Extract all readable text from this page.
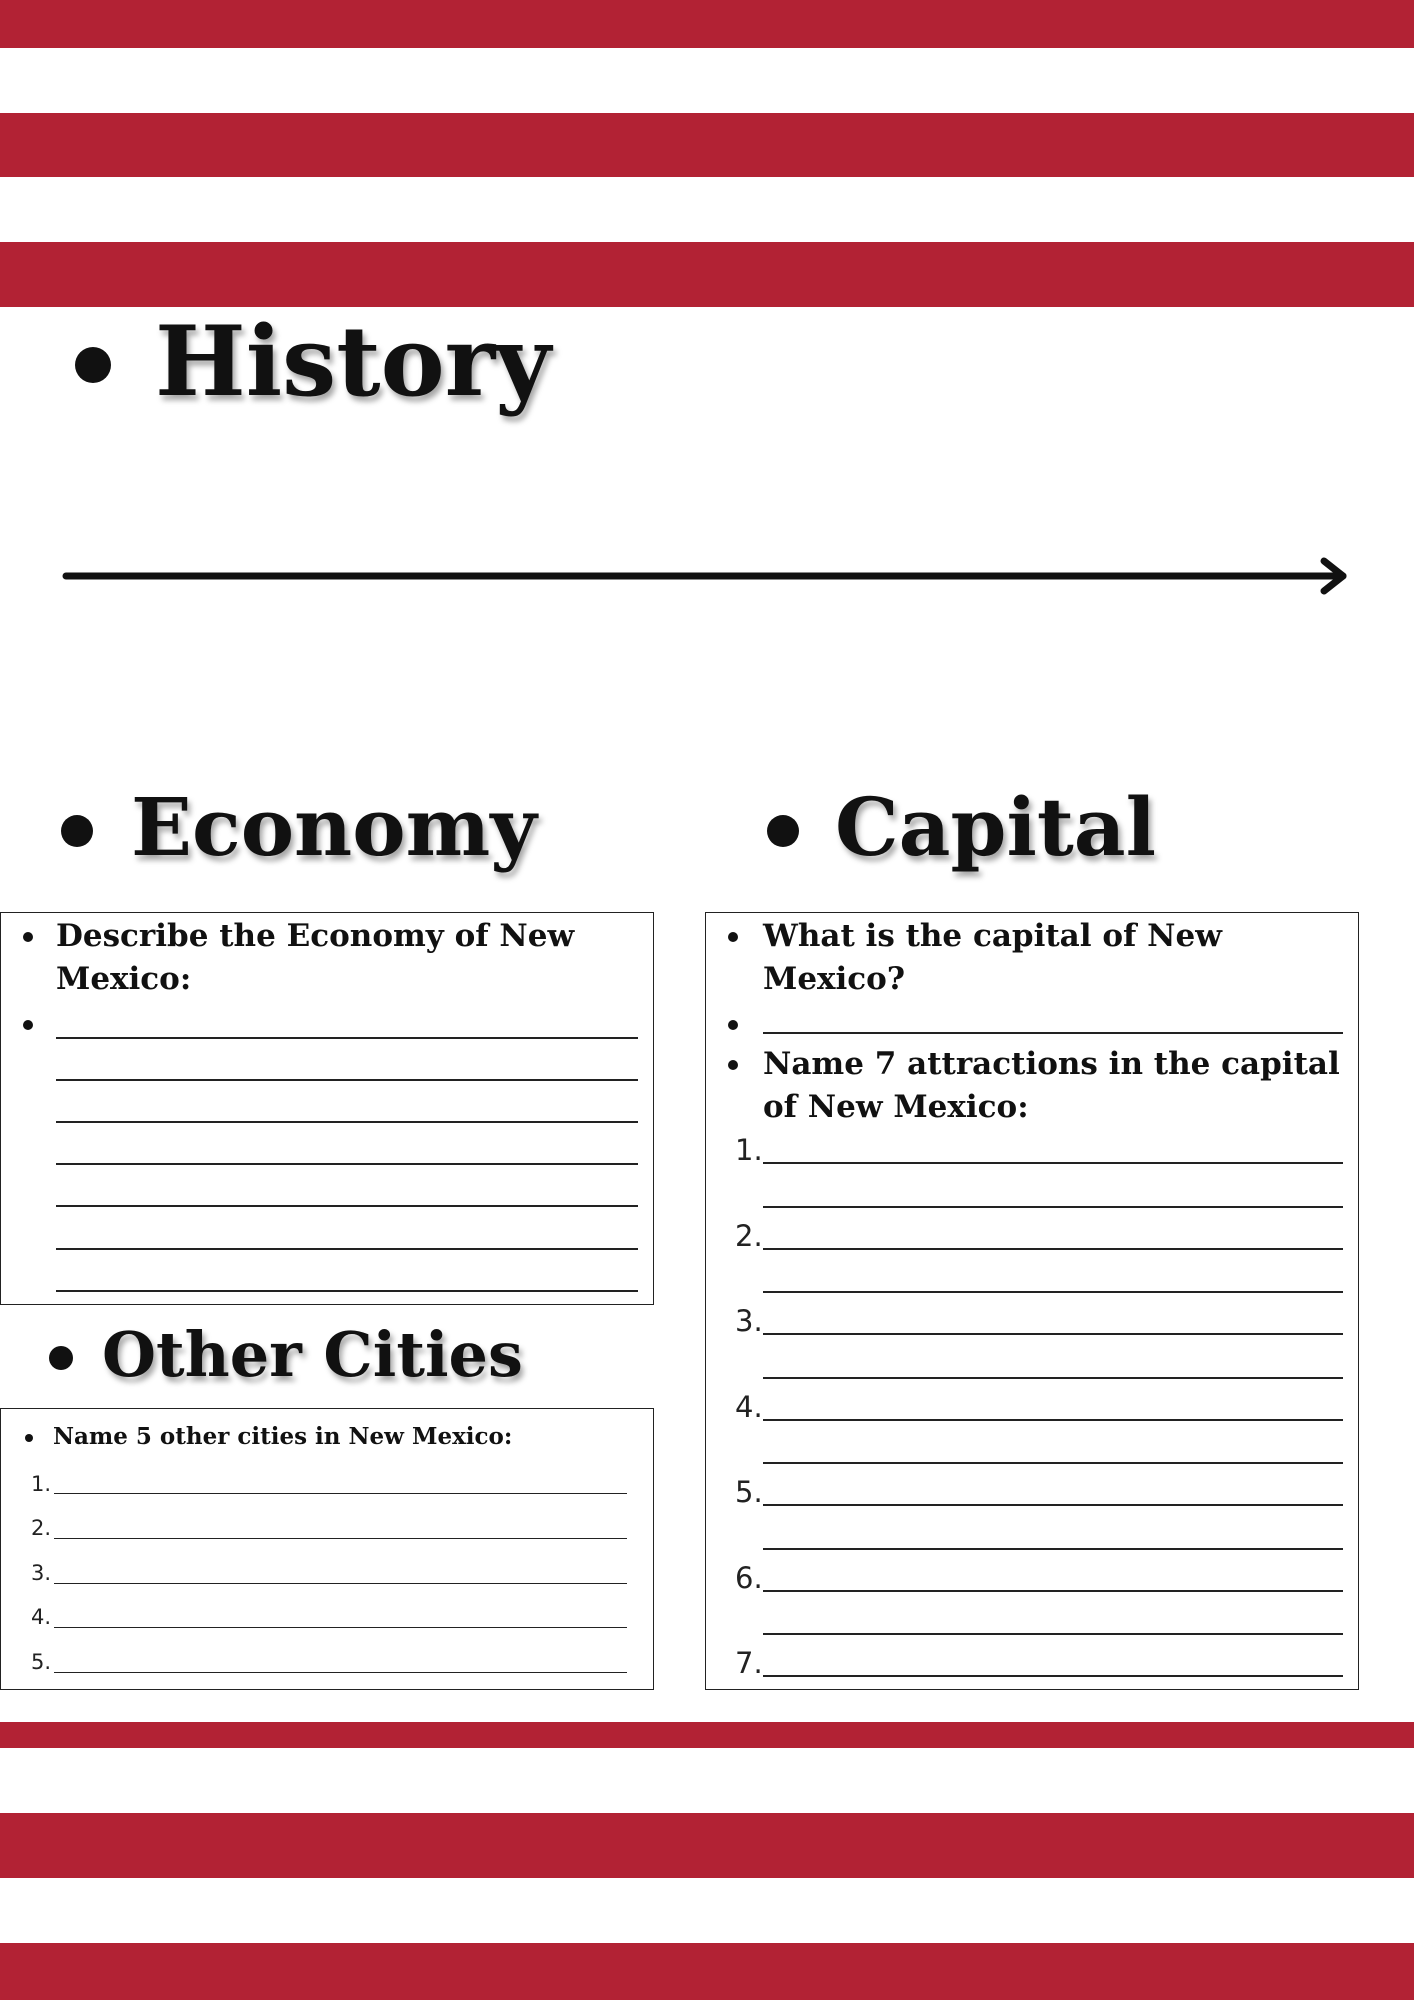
History
Economy	Capital

Describe the Economy of New Mexico:

Other Cities

Name 5 other cities in New Mexico:

1.
2.
3.
4.
5.

What is the capital of New Mexico?

Name 7 attractions in the capital of New Mexico:

1.
2.
3.
4.
5.
6.
7.
